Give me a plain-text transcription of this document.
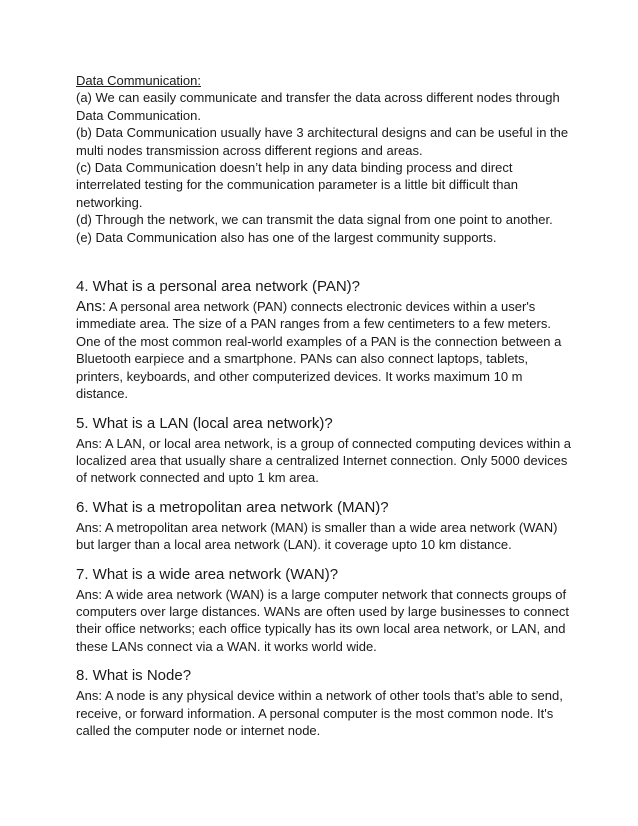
Data Communication:

(a) We can easily communicate and transfer the data across different nodes through Data Communication.

(b) Data Communication usually have 3 architectural designs and can be useful in the multi nodes transmission across different regions and areas.

(c) Data Communication doesn’t help in any data binding process and direct interrelated testing for the communication parameter is a little bit difficult than networking.

(d) Through the network, we can transmit the data signal from one point to another.

(e) Data Communication also has one of the largest community supports.

4. What is a personal area network (PAN)?

Ans: A personal area network (PAN) connects electronic devices within a user's immediate area. The size of a PAN ranges from a few centimeters to a few meters. One of the most common real-world examples of a PAN is the connection between a Bluetooth earpiece and a smartphone. PANs can also connect laptops, tablets, printers, keyboards, and other computerized devices. It works maximum 10 m distance.

5. What is a LAN (local area network)?

Ans: A LAN, or local area network, is a group of connected computing devices within a localized area that usually share a centralized Internet connection. Only 5000 devices of network connected and upto 1 km area.

6. What is a metropolitan area network (MAN)?

Ans: A metropolitan area network (MAN) is smaller than a wide area network (WAN) but larger than a local area network (LAN). it coverage upto 10 km distance.

7. What is a wide area network (WAN)?

Ans: A wide area network (WAN) is a large computer network that connects groups of computers over large distances. WANs are often used by large businesses to connect their office networks; each office typically has its own local area network, or LAN, and these LANs connect via a WAN. it works world wide.

8. What is Node?

Ans: A node is any physical device within a network of other tools that’s able to send, receive, or forward information. A personal computer is the most common node. It's called the computer node or internet node.
